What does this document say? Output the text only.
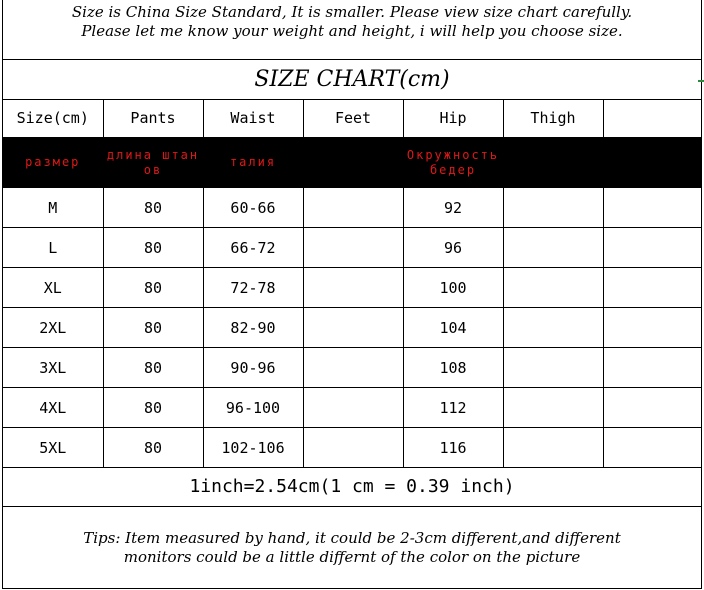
Size is China Size Standard, It is smaller. Please view size chart carefully.
Please let me know your weight and height, i will help you choose size.
SIZE CHART(cm)
Size(cm)	Pants	Waist	Feet	Hip	Thigh	
размер	длина штанов	талия		Окружность бедер		
M	80	60-66		92		
L	80	66-72		96		
XL	80	72-78		100		
2XL	80	82-90		104		
3XL	80	90-96		108		
4XL	80	96-100		112		
5XL	80	102-106		116		
1inch=2.54cm(1 cm = 0.39 inch)
Tips: Item measured by hand, it could be 2-3cm different,and different
monitors could be a little differnt of the color on the picture
